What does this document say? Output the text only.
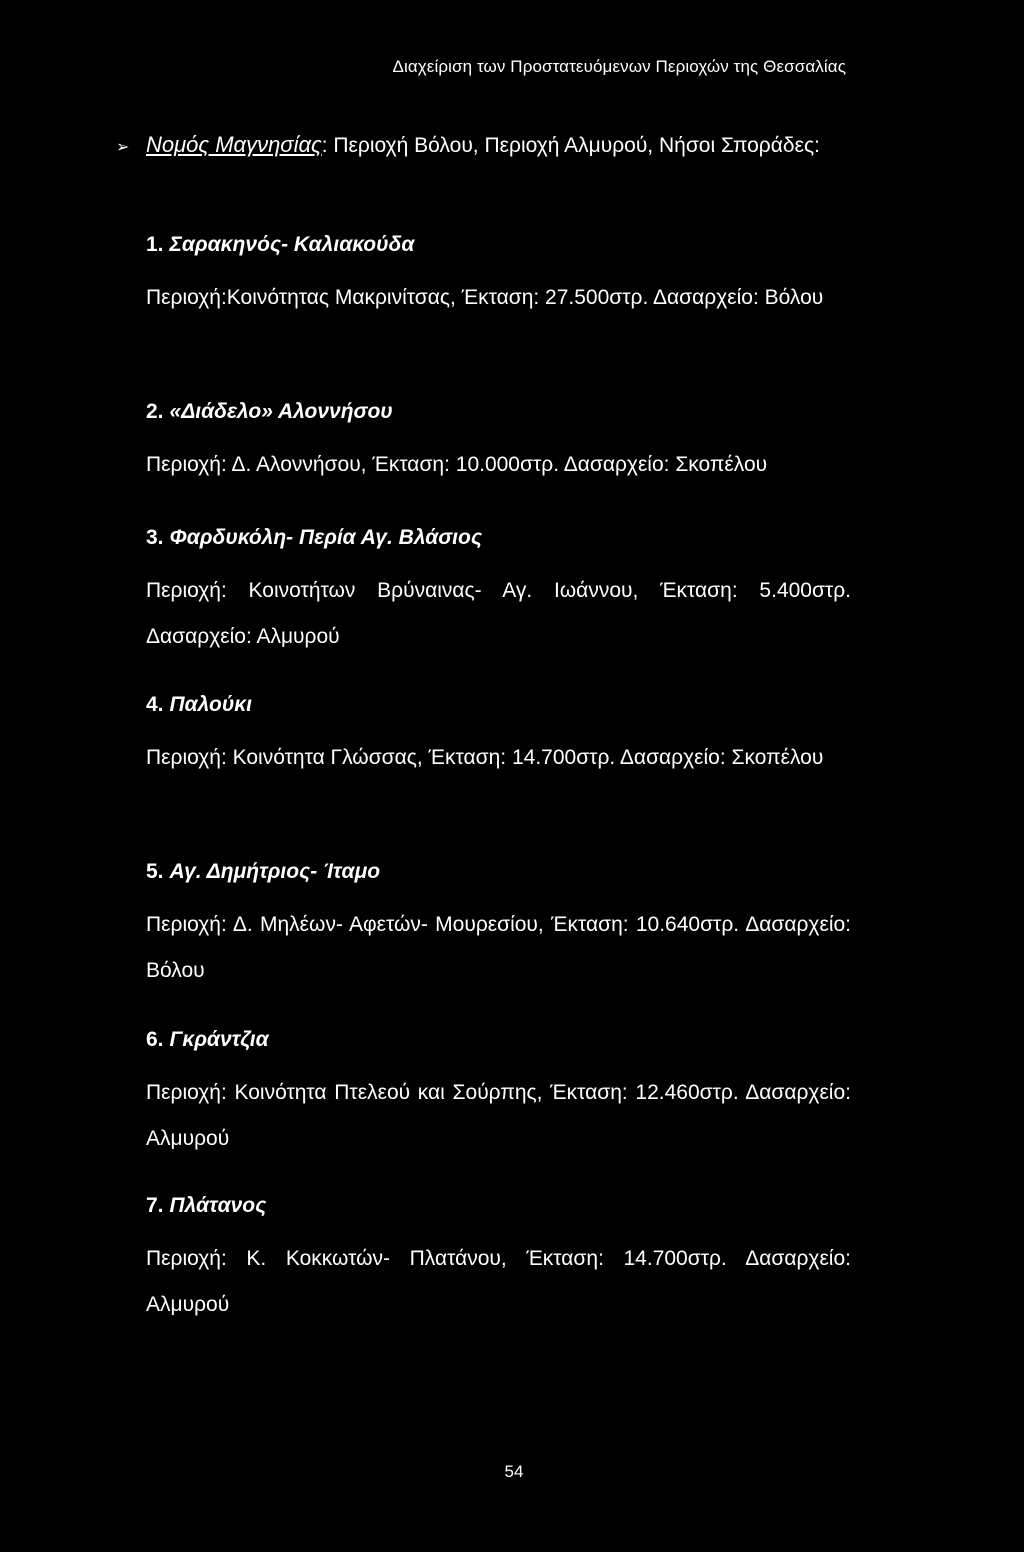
Διαχείριση των Προστατευόμενων Περιοχών της Θεσσαλίας
➢ Νομός Μαγνησίας: Περιοχή Βόλου, Περιοχή Αλμυρού, Νήσοι Σποράδες:
1. Σαρακηνός- Καλιακούδα
Περιοχή:Κοινότητας Μακρινίτσας, Έκταση: 27.500στρ. Δασαρχείο: Βόλου
2. «Διάδελο» Αλοννήσου
Περιοχή: Δ. Αλοννήσου, Έκταση: 10.000στρ. Δασαρχείο: Σκοπέλου
3. Φαρδυκόλη- Περία Αγ. Βλάσιος
Περιοχή: Κοινοτήτων Βρύναινας- Αγ. Ιωάννου, Έκταση: 5.400στρ. Δασαρχείο: Αλμυρού
4. Παλούκι
Περιοχή: Κοινότητα Γλώσσας, Έκταση: 14.700στρ. Δασαρχείο: Σκοπέλου
5. Αγ. Δημήτριος- Ίταμο
Περιοχή: Δ. Μηλέων- Αφετών- Μουρεσίου, Έκταση: 10.640στρ. Δασαρχείο: Βόλου
6. Γκράντζια
Περιοχή: Κοινότητα Πτελεού και Σούρπης, Έκταση: 12.460στρ. Δασαρχείο: Αλμυρού
7. Πλάτανος
Περιοχή: Κ. Κοκκωτών- Πλατάνου, Έκταση: 14.700στρ. Δασαρχείο: Αλμυρού
54
